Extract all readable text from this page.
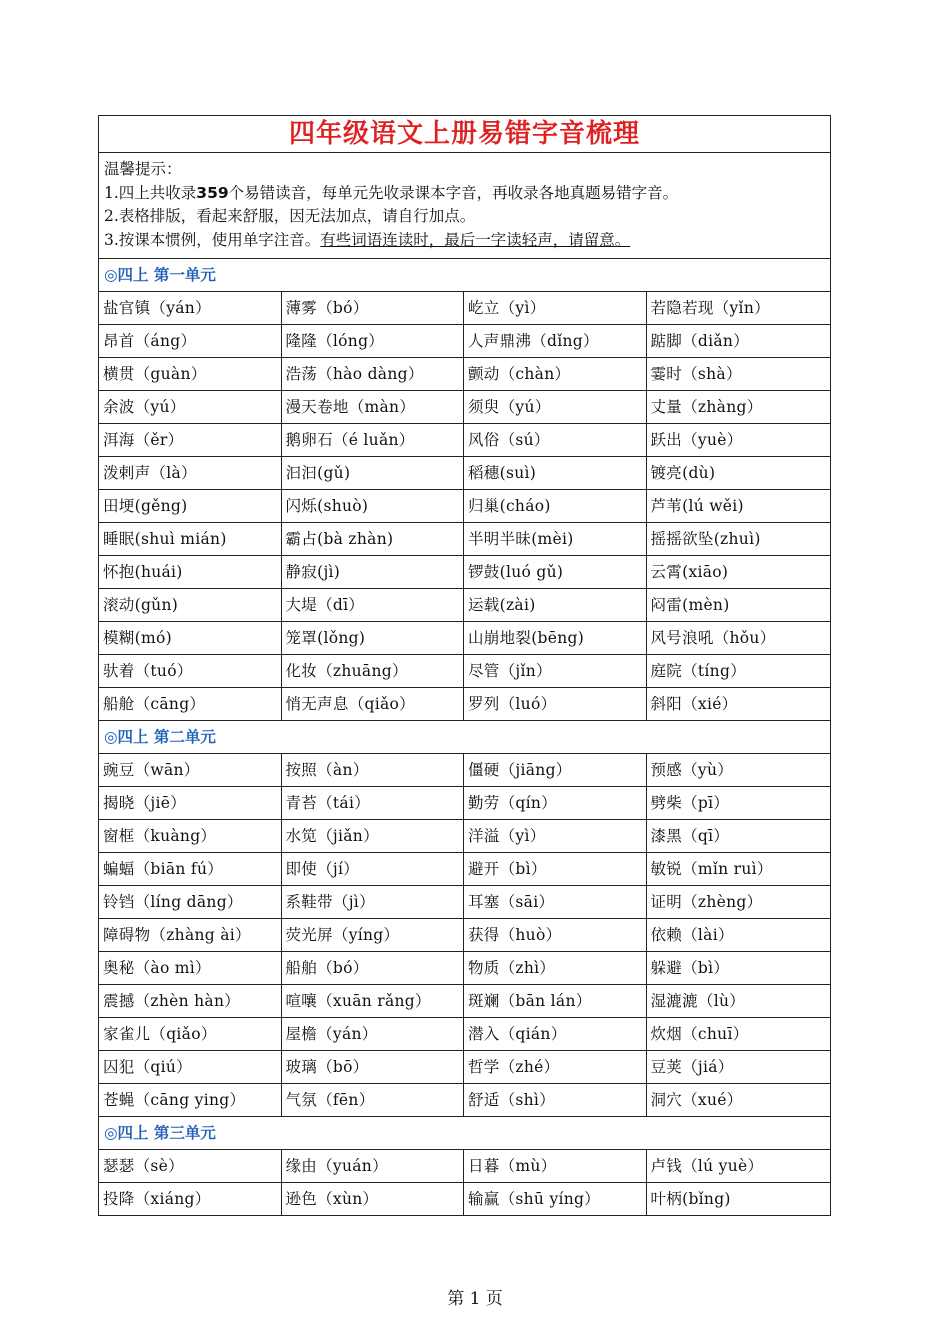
四年级语文上册易错字音梳理
温馨提示：
1.四上共收录359个易错读音，每单元先收录课本字音，再收录各地真题易错字音。
2.表格排版，看起来舒服，因无法加点，请自行加点。
3.按课本惯例，使用单字注音。有些词语连读时，最后一字读轻声，请留意。
◎四上 第一单元
盐官镇（yán）	薄雾（bó）	屹立（yì）	若隐若现（yǐn）
昂首（áng）	隆隆（lóng）	人声鼎沸（dǐng）	踮脚（diǎn）
横贯（guàn）	浩荡（hào dàng）	颤动（chàn）	霎时（shà）
余波（yú）	漫天卷地（màn）	须臾（yú）	丈量（zhàng）
洱海（ěr）	鹅卵石（é luǎn）	风俗（sú）	跃出（yuè）
泼剌声（là）	汩汩(gǔ)	稻穗(suì)	镀亮(dù)
田埂(gěng)	闪烁(shuò)	归巢(cháo)	芦苇(lú wěi)
睡眠(shuì mián)	霸占(bà zhàn)	半明半昧(mèi)	摇摇欲坠(zhuì)
怀抱(huái)	静寂(jì)	锣鼓(luó gǔ)	云霄(xiāo)
滚动(gǔn)	大堤（dī）	运载(zài)	闷雷(mèn)
模糊(mó)	笼罩(lǒng)	山崩地裂(bēng)	风号浪吼（hǒu）
驮着（tuó）	化妆（zhuāng）	尽管（jǐn）	庭院（tíng）
船舱（cāng）	悄无声息（qiǎo）	罗列（luó）	斜阳（xié）
◎四上 第二单元
豌豆（wān）	按照（àn）	僵硬（jiāng）	预感（yù）
揭晓（jiē）	青苔（tái）	勤劳（qín）	劈柴（pī）
窗框（kuàng）	水笕（jiǎn）	洋溢（yì）	漆黑（qī）
蝙蝠（biān fú）	即使（jí）	避开（bì）	敏锐（mǐn ruì）
铃铛（líng dāng）	系鞋带（jì）	耳塞（sāi）	证明（zhèng）
障碍物（zhàng ài）	荧光屏（yíng）	获得（huò）	依赖（lài）
奥秘（ào mì）	船舶（bó）	物质（zhì）	躲避（bì）
震撼（zhèn hàn）	喧嚷（xuān rǎng）	斑斓（bān lán）	湿漉漉（lù）
家雀儿（qiǎo）	屋檐（yán）	潜入（qián）	炊烟（chuī）
囚犯（qiú）	玻璃（bō）	哲学（zhé）	豆荚（jiá）
苍蝇（cāng ying）	气氛（fēn）	舒适（shì）	洞穴（xué）
◎四上 第三单元
瑟瑟（sè）	缘由（yuán）	日暮（mù）	卢钱（lú yuè）
投降（xiáng）	逊色（xùn）	输赢（shū yíng）	叶柄(bǐng)
第 1 页
